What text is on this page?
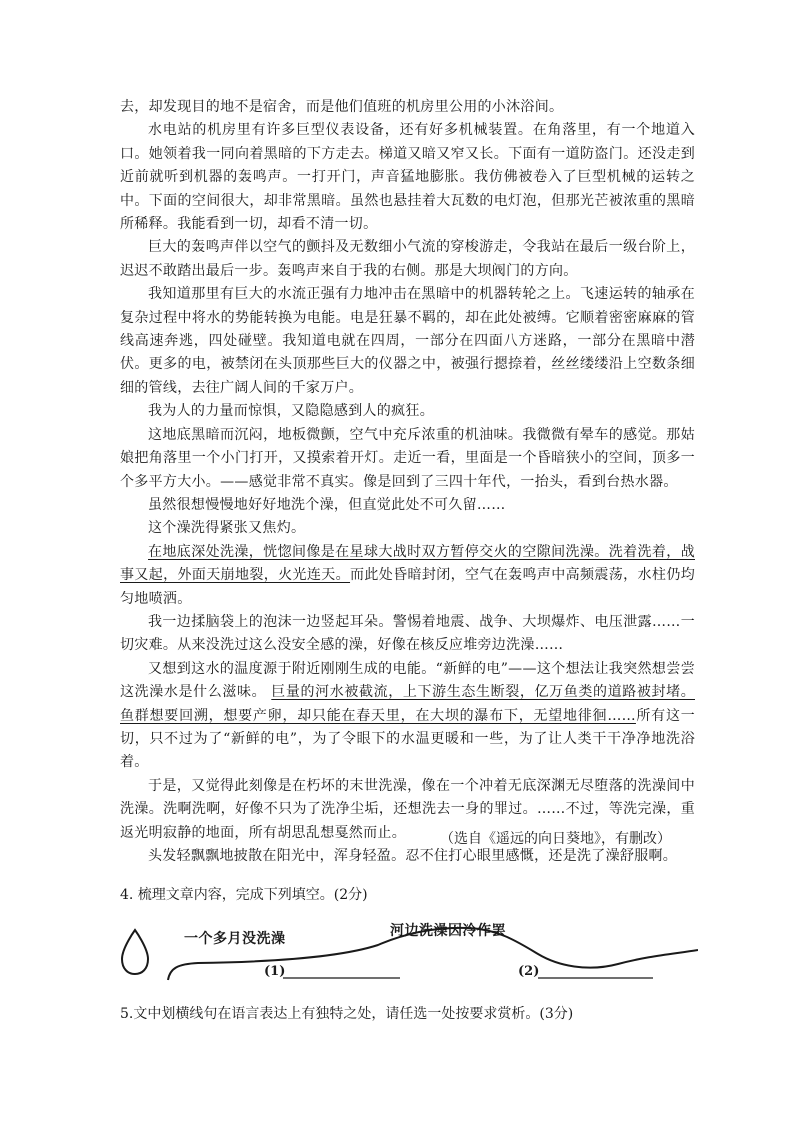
去，却发现目的地不是宿舍，而是他们值班的机房里公用的小沐浴间。

水电站的机房里有许多巨型仪表设备，还有好多机械装置。在角落里，有一个地道入口。她领着我一同向着黑暗的下方走去。梯道又暗又窄又长。下面有一道防盗门。还没走到近前就听到机器的轰鸣声。一打开门，声音猛地膨胀。我仿佛被卷入了巨型机械的运转之中。下面的空间很大，却非常黑暗。虽然也悬挂着大瓦数的电灯泡，但那光芒被浓重的黑暗所稀释。我能看到一切，却看不清一切。

巨大的轰鸣声伴以空气的颤抖及无数细小气流的穿梭游走，令我站在最后一级台阶上，迟迟不敢踏出最后一步。轰鸣声来自于我的右侧。那是大坝阀门的方向。

我知道那里有巨大的水流正强有力地冲击在黑暗中的机器转轮之上。飞速运转的轴承在复杂过程中将水的势能转换为电能。电是狂暴不羁的，却在此处被缚。它顺着密密麻麻的管线高速奔逃，四处碰壁。我知道电就在四周，一部分在四面八方迷路，一部分在黑暗中潜伏。更多的电，被禁闭在头顶那些巨大的仪器之中，被强行摁捺着，丝丝缕缕沿上空数条细细的管线，去往广阔人间的千家万户。

我为人的力量而惊惧，又隐隐感到人的疯狂。

这地底黑暗而沉闷，地板微颤，空气中充斥浓重的机油味。我微微有晕车的感觉。那姑娘把角落里一个小门打开，又摸索着开灯。走近一看，里面是一个昏暗狭小的空间，顶多一个多平方大小。——感觉非常不真实。像是回到了三四十年代，一抬头，看到台热水器。

虽然很想慢慢地好好地洗个澡，但直觉此处不可久留……

这个澡洗得紧张又焦灼。

在地底深处洗澡，恍惚间像是在星球大战时双方暂停交火的空隙间洗澡。洗着洗着，战事又起，外面天崩地裂，火光连天。而此处昏暗封闭，空气在轰鸣声中高频震荡，水柱仍均匀地喷洒。

我一边揉脑袋上的泡沫一边竖起耳朵。警惕着地震、战争、大坝爆炸、电压泄露……一切灾难。从来没洗过这么没安全感的澡，好像在核反应堆旁边洗澡……

又想到这水的温度源于附近刚刚生成的电能。“新鲜的电”——这个想法让我突然想尝尝这洗澡水是什么滋味。 巨量的河水被截流，上下游生态生断裂，亿万鱼类的道路被封堵。鱼群想要回溯，想要产卵，却只能在春天里，在大坝的瀑布下，无望地徘徊……所有这一切，只不过为了“新鲜的电”，为了令眼下的水温更暖和一些，为了让人类干干净净地洗浴着。

于是，又觉得此刻像是在朽坏的末世洗澡，像在一个冲着无底深渊无尽堕落的洗澡间中洗澡。洗啊洗啊，好像不只为了洗净尘垢，还想洗去一身的罪过。……不过，等洗完澡，重返光明寂静的地面，所有胡思乱想戛然而止。

头发轻飘飘地披散在阳光中，浑身轻盈。忍不住打心眼里感慨，还是洗了澡舒服啊。

（选自《遥远的向日葵地》，有删改）
4. 梳理文章内容，完成下列填空。(2分)
一个多月没洗澡	河边洗澡因冷作罢
(1)	(2)
5.文中划横线句在语言表达上有独特之处，请任选一处按要求赏析。(3分)
